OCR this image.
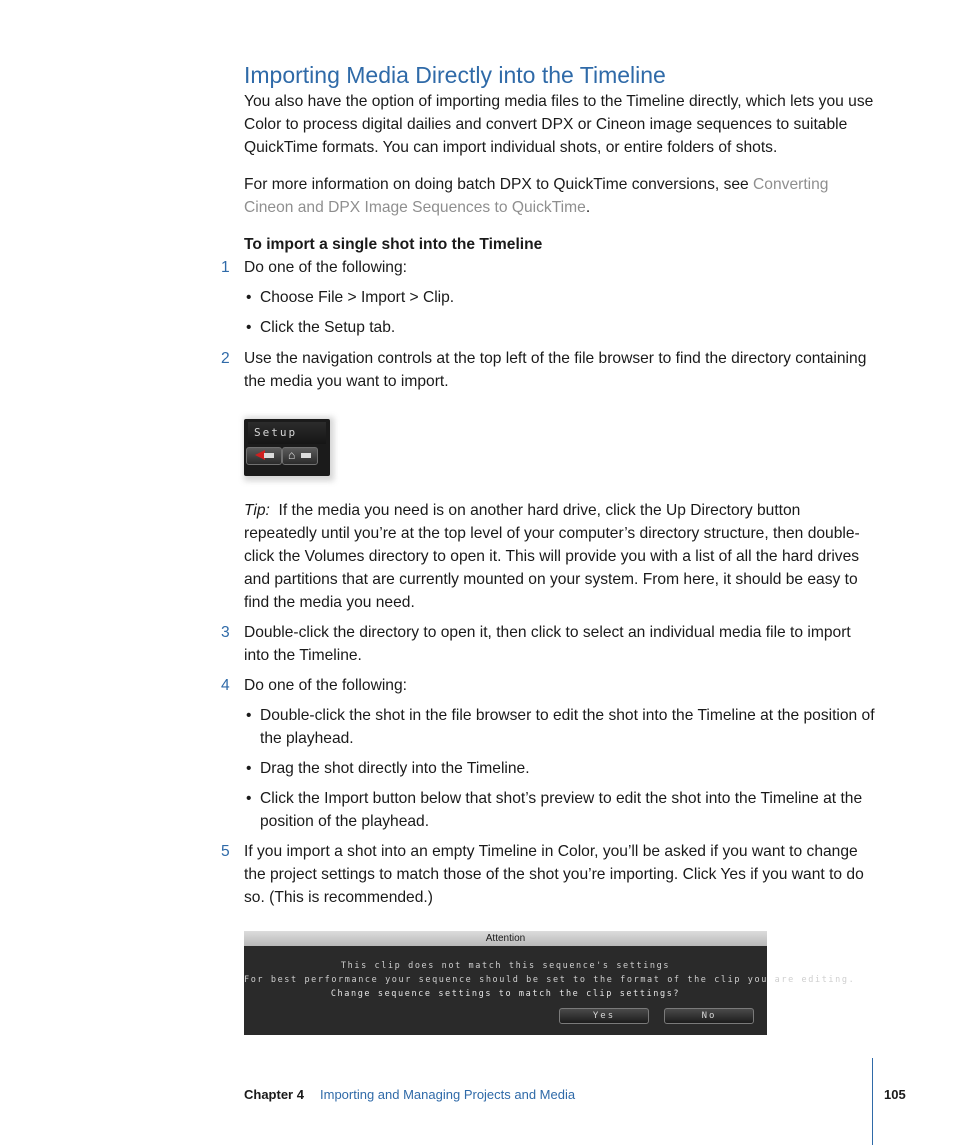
Importing Media Directly into the Timeline
You also have the option of importing media files to the Timeline directly, which lets you use Color to process digital dailies and convert DPX or Cineon image sequences to suitable QuickTime formats. You can import individual shots, or entire folders of shots.
For more information on doing batch DPX to QuickTime conversions, see Converting Cineon and DPX Image Sequences to QuickTime.
To import a single shot into the Timeline
1 Do one of the following:
• Choose File > Import > Clip.
• Click the Setup tab.
2 Use the navigation controls at the top left of the file browser to find the directory containing the media you want to import.
Setup
⌂
Tip: If the media you need is on another hard drive, click the Up Directory button repeatedly until you’re at the top level of your computer’s directory structure, then double-click the Volumes directory to open it. This will provide you with a list of all the hard drives and partitions that are currently mounted on your system. From here, it should be easy to find the media you need.
3 Double-click the directory to open it, then click to select an individual media file to import into the Timeline.
4 Do one of the following:
• Double-click the shot in the file browser to edit the shot into the Timeline at the position of the playhead.
• Drag the shot directly into the Timeline.
• Click the Import button below that shot’s preview to edit the shot into the Timeline at the position of the playhead.
5 If you import a shot into an empty Timeline in Color, you’ll be asked if you want to change the project settings to match those of the shot you’re importing. Click Yes if you want to do so. (This is recommended.)
Attention
This clip does not match this sequence's settings
For best performance your sequence should be set to the format of the clip you are editing.
Change sequence settings to match the clip settings?
Yes	No
Chapter 4 Importing and Managing Projects and Media	105
